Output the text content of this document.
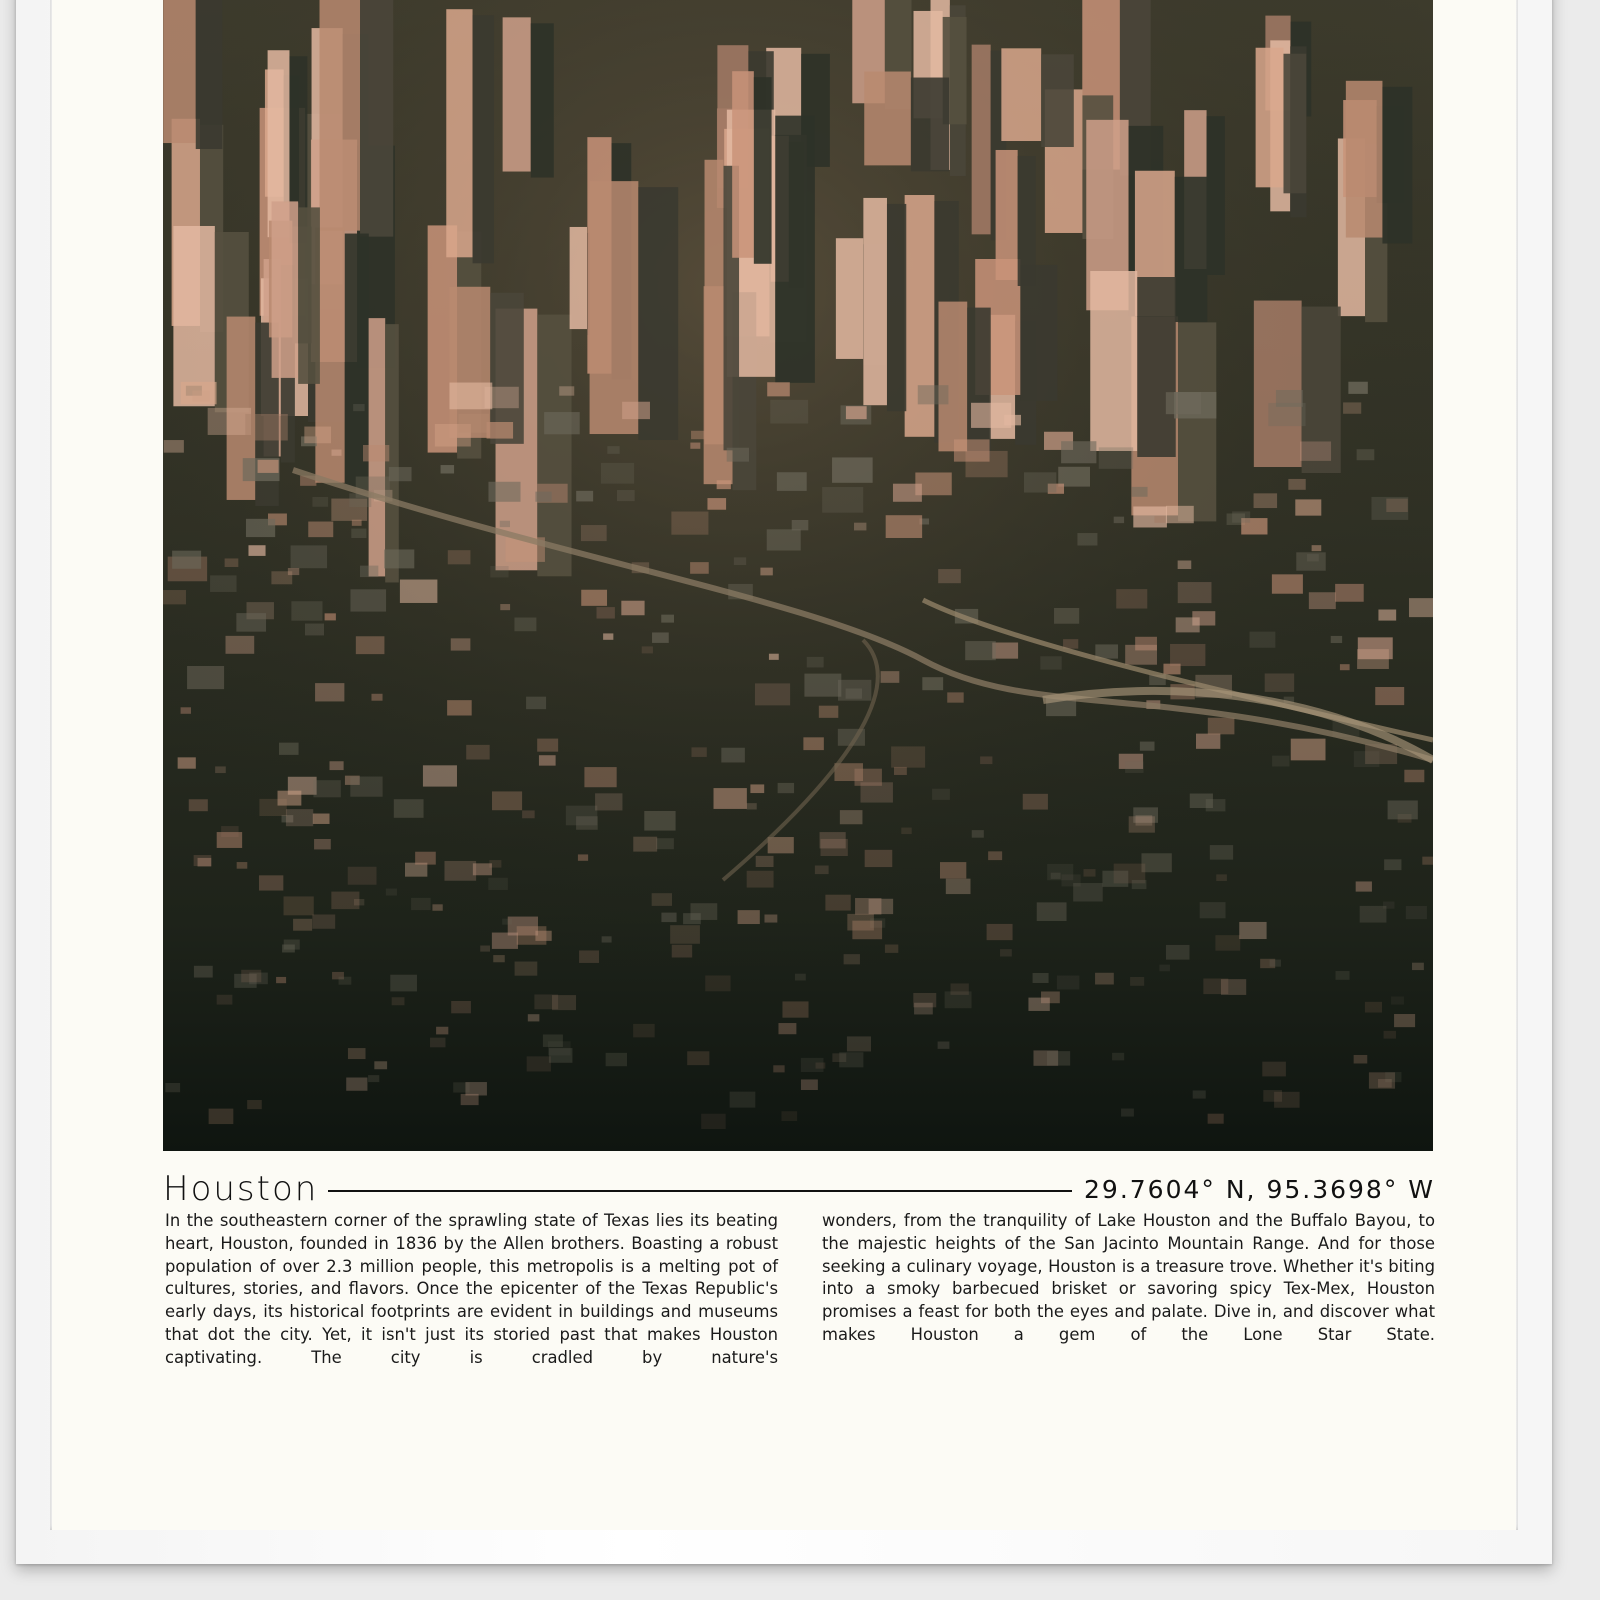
Houston	29.7604° N, 95.3698° W

In the southeastern corner of the sprawling state of Texas lies its beating heart, Houston, founded in 1836 by the Allen brothers. Boasting a robust population of over 2.3 million people, this metropolis is a melting pot of cultures, stories, and flavors. Once the epicenter of the Texas Republic's early days, its historical footprints are evident in buildings and museums that dot the city. Yet, it isn't just its storied past that makes Houston captivating. The city is cradled by nature's

wonders, from the tranquility of Lake Houston and the Buffalo Bayou, to the majestic heights of the San Jacinto Mountain Range. And for those seeking a culinary voyage, Houston is a treasure trove. Whether it's biting into a smoky barbecued brisket or savoring spicy Tex-Mex, Houston promises a feast for both the eyes and palate. Dive in, and discover what makes Houston a gem of the Lone Star State.
